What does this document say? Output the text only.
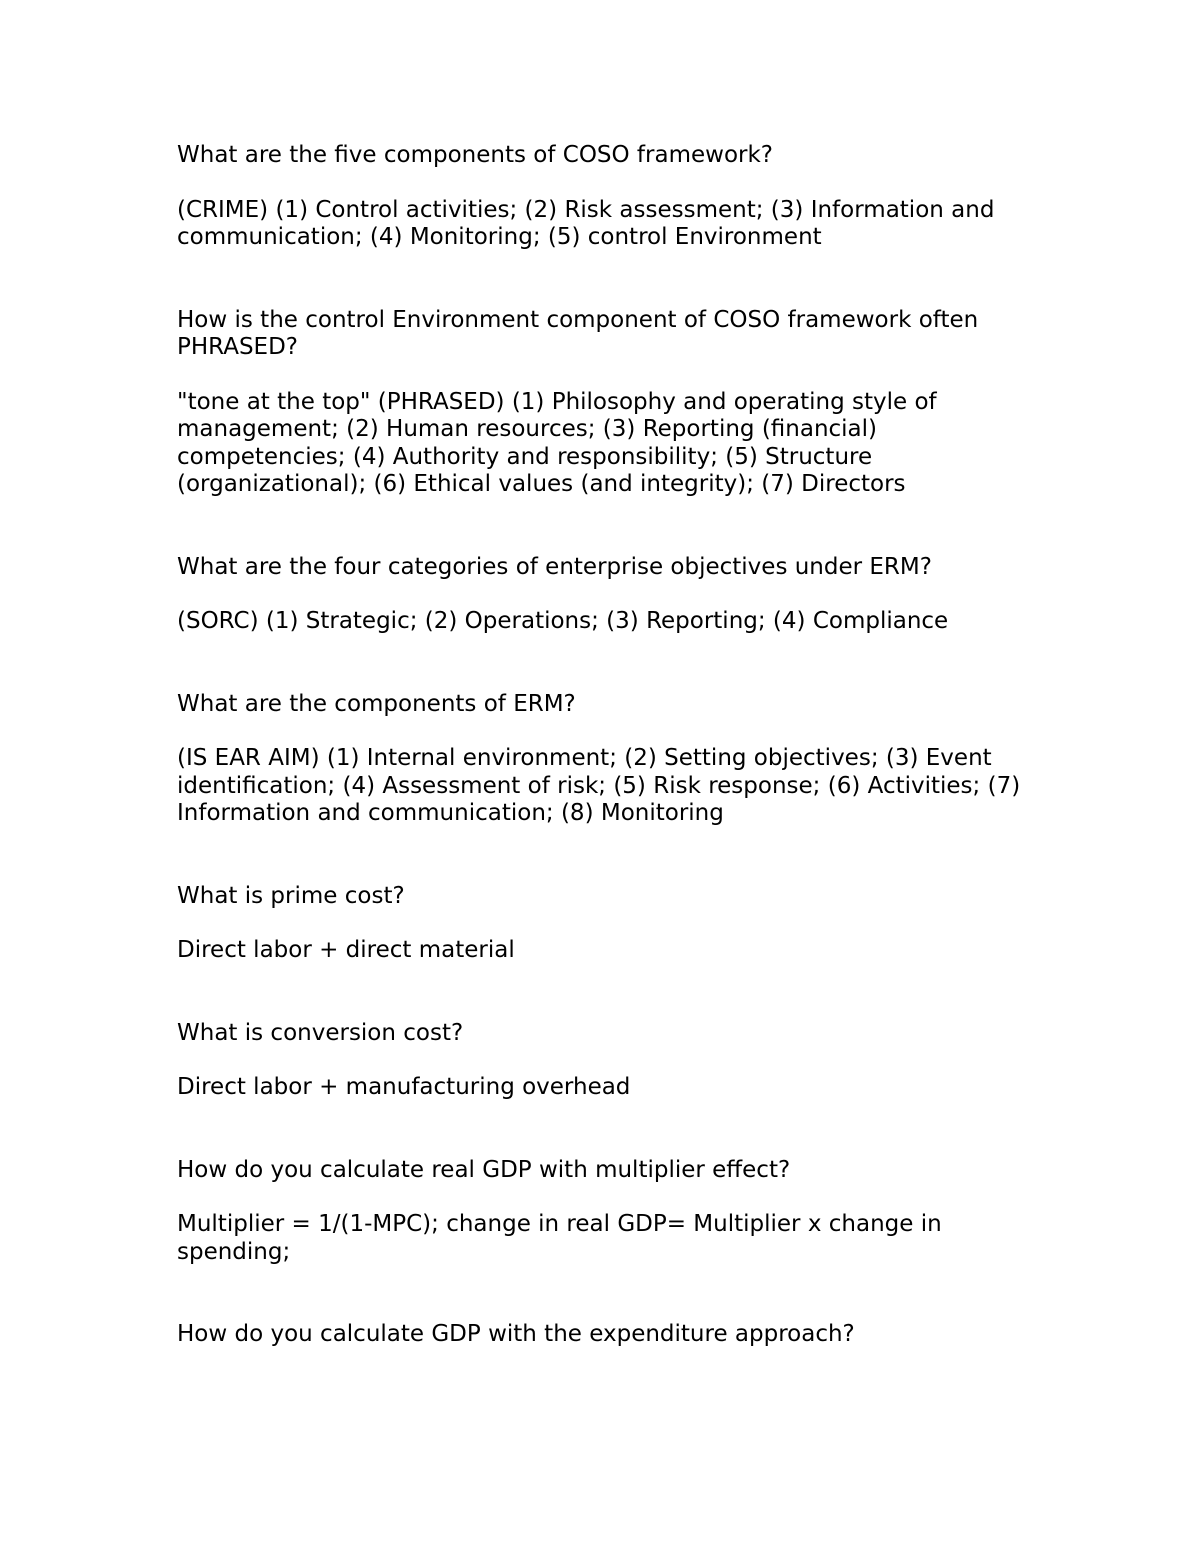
What are the five components of COSO framework?

(CRIME) (1) Control activities; (2) Risk assessment; (3) Information and communication; (4) Monitoring; (5) control Environment

How is the control Environment component of COSO framework often PHRASED?

"tone at the top" (PHRASED) (1) Philosophy and operating style of management; (2) Human resources; (3) Reporting (financial) competencies; (4) Authority and responsibility; (5) Structure (organizational); (6) Ethical values (and integrity); (7) Directors

What are the four categories of enterprise objectives under ERM?

(SORC) (1) Strategic; (2) Operations; (3) Reporting; (4) Compliance

What are the components of ERM?

(IS EAR AIM) (1) Internal environment; (2) Setting objectives; (3) Event identification; (4) Assessment of risk; (5) Risk response; (6) Activities; (7) Information and communication; (8) Monitoring

What is prime cost?

Direct labor + direct material

What is conversion cost?

Direct labor + manufacturing overhead

How do you calculate real GDP with multiplier effect?

Multiplier = 1/(1-MPC); change in real GDP= Multiplier x change in spending;

How do you calculate GDP with the expenditure approach?
